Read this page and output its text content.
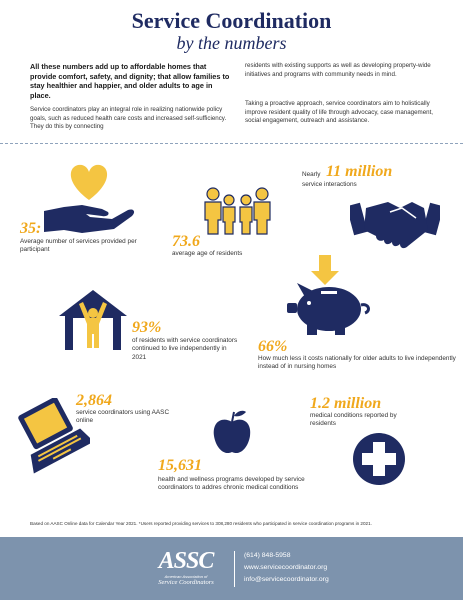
Service Coordination
by the numbers
All these numbers add up to affordable homes that provide comfort, safety, and dignity; that allow families to stay healthier and happier, and older adults to age in place.
Service coordinators play an integral role in realizing nationwide policy goals, such as reduced health care costs and increased self-sufficiency. They do this by connecting
residents with existing supports as well as developing property-wide initiatives and programs with community needs in mind.
Taking a proactive approach, service coordinators aim to holistically improve resident quality of life through advocacy, case management, social engagement, outreach and assistance.
35:
Average number of services provided per participant	73.6
average age of residents
Nearly 11 million
service interactions
93%
of residents with service coordinators continued to live independently in 2021
66%
How much less it costs nationally for older adults to live independently instead of in nursing homes
2,864
service coordinators using AASC online
15,631
health and wellness programs developed by service coordinators to addres chronic medical conditions
1.2 million
medical conditions reported by residents
Based on AASC Online data for Calendar Year 2021. *Users reported providing services to 308,280 residents who participated in service coordination programs in 2021.
ASSC
American Association of
Service Coordinators
(614) 848-5958
www.servicecoordinator.org
info@servicecoordinator.org
